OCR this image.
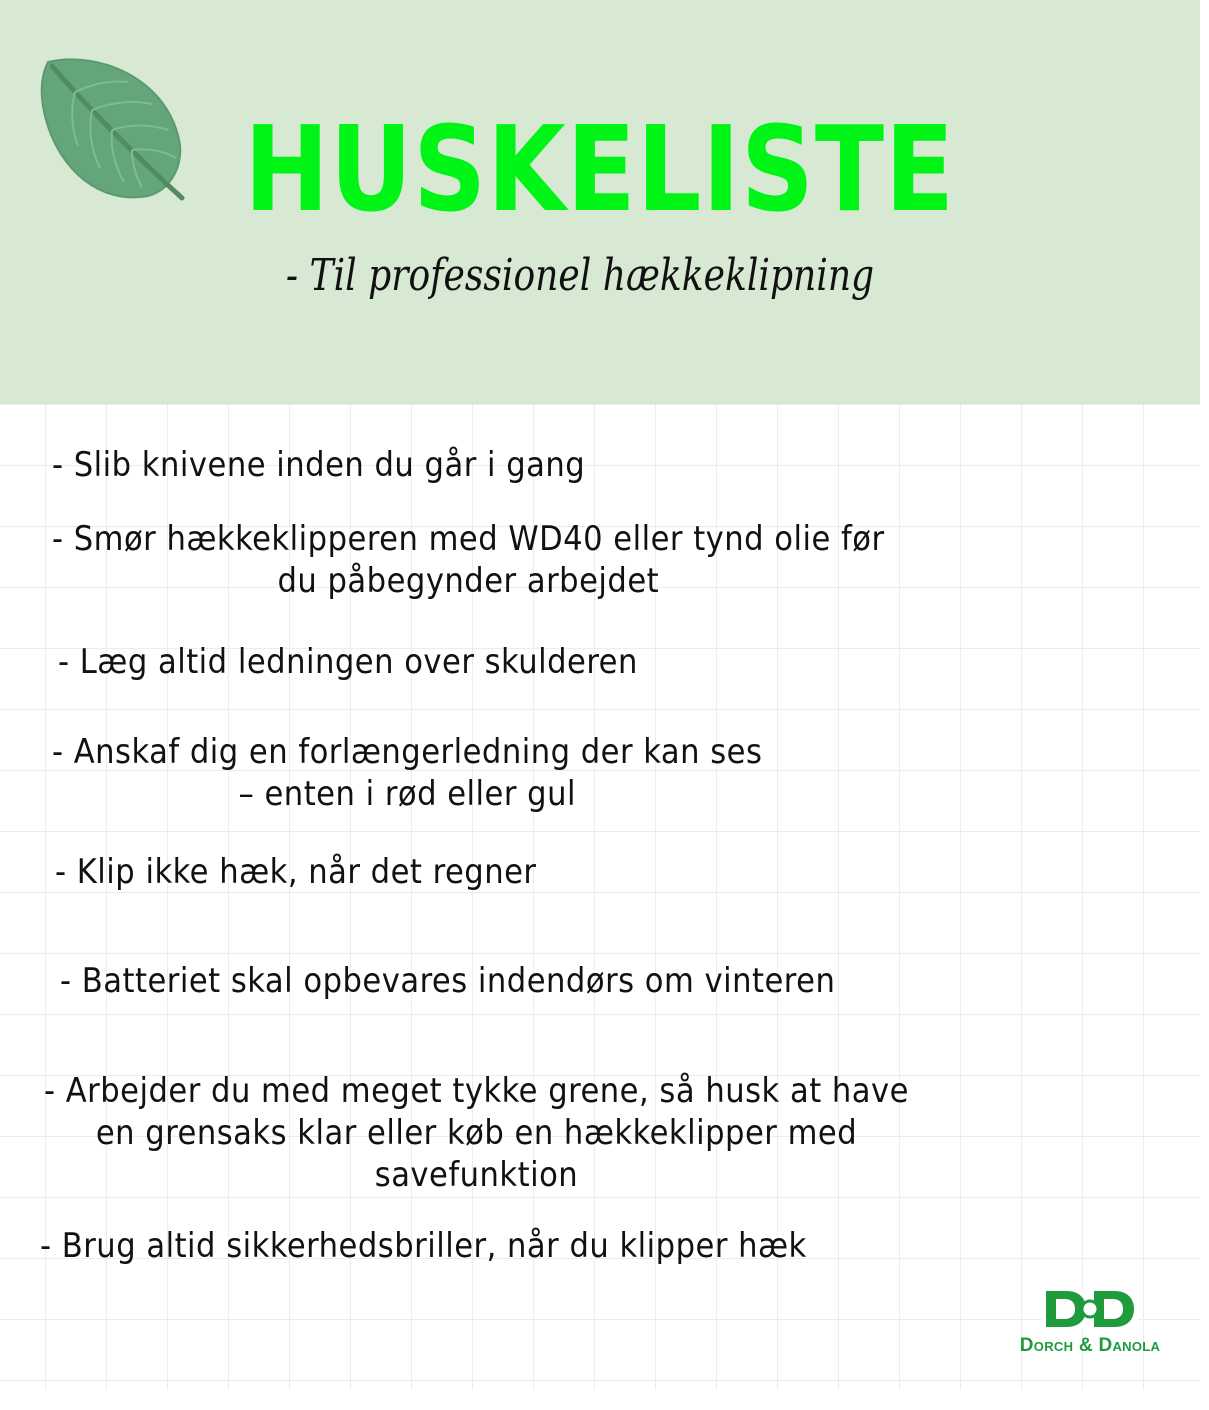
HUSKELISTE
- Til professionel hækkeklipning
- Slib knivene inden du går i gang
- Smør hækkeklipperen med WD40 eller tynd olie før
du påbegynder arbejdet
- Læg altid ledningen over skulderen
- Anskaf dig en forlængerledning der kan ses
– enten i rød eller gul
- Klip ikke hæk, når det regner
- Batteriet skal opbevares indendørs om vinteren
- Arbejder du med meget tykke grene, så husk at have
en grensaks klar eller køb en hækkeklipper med
savefunktion
- Brug altid sikkerhedsbriller, når du klipper hæk
Dorch & Danola
